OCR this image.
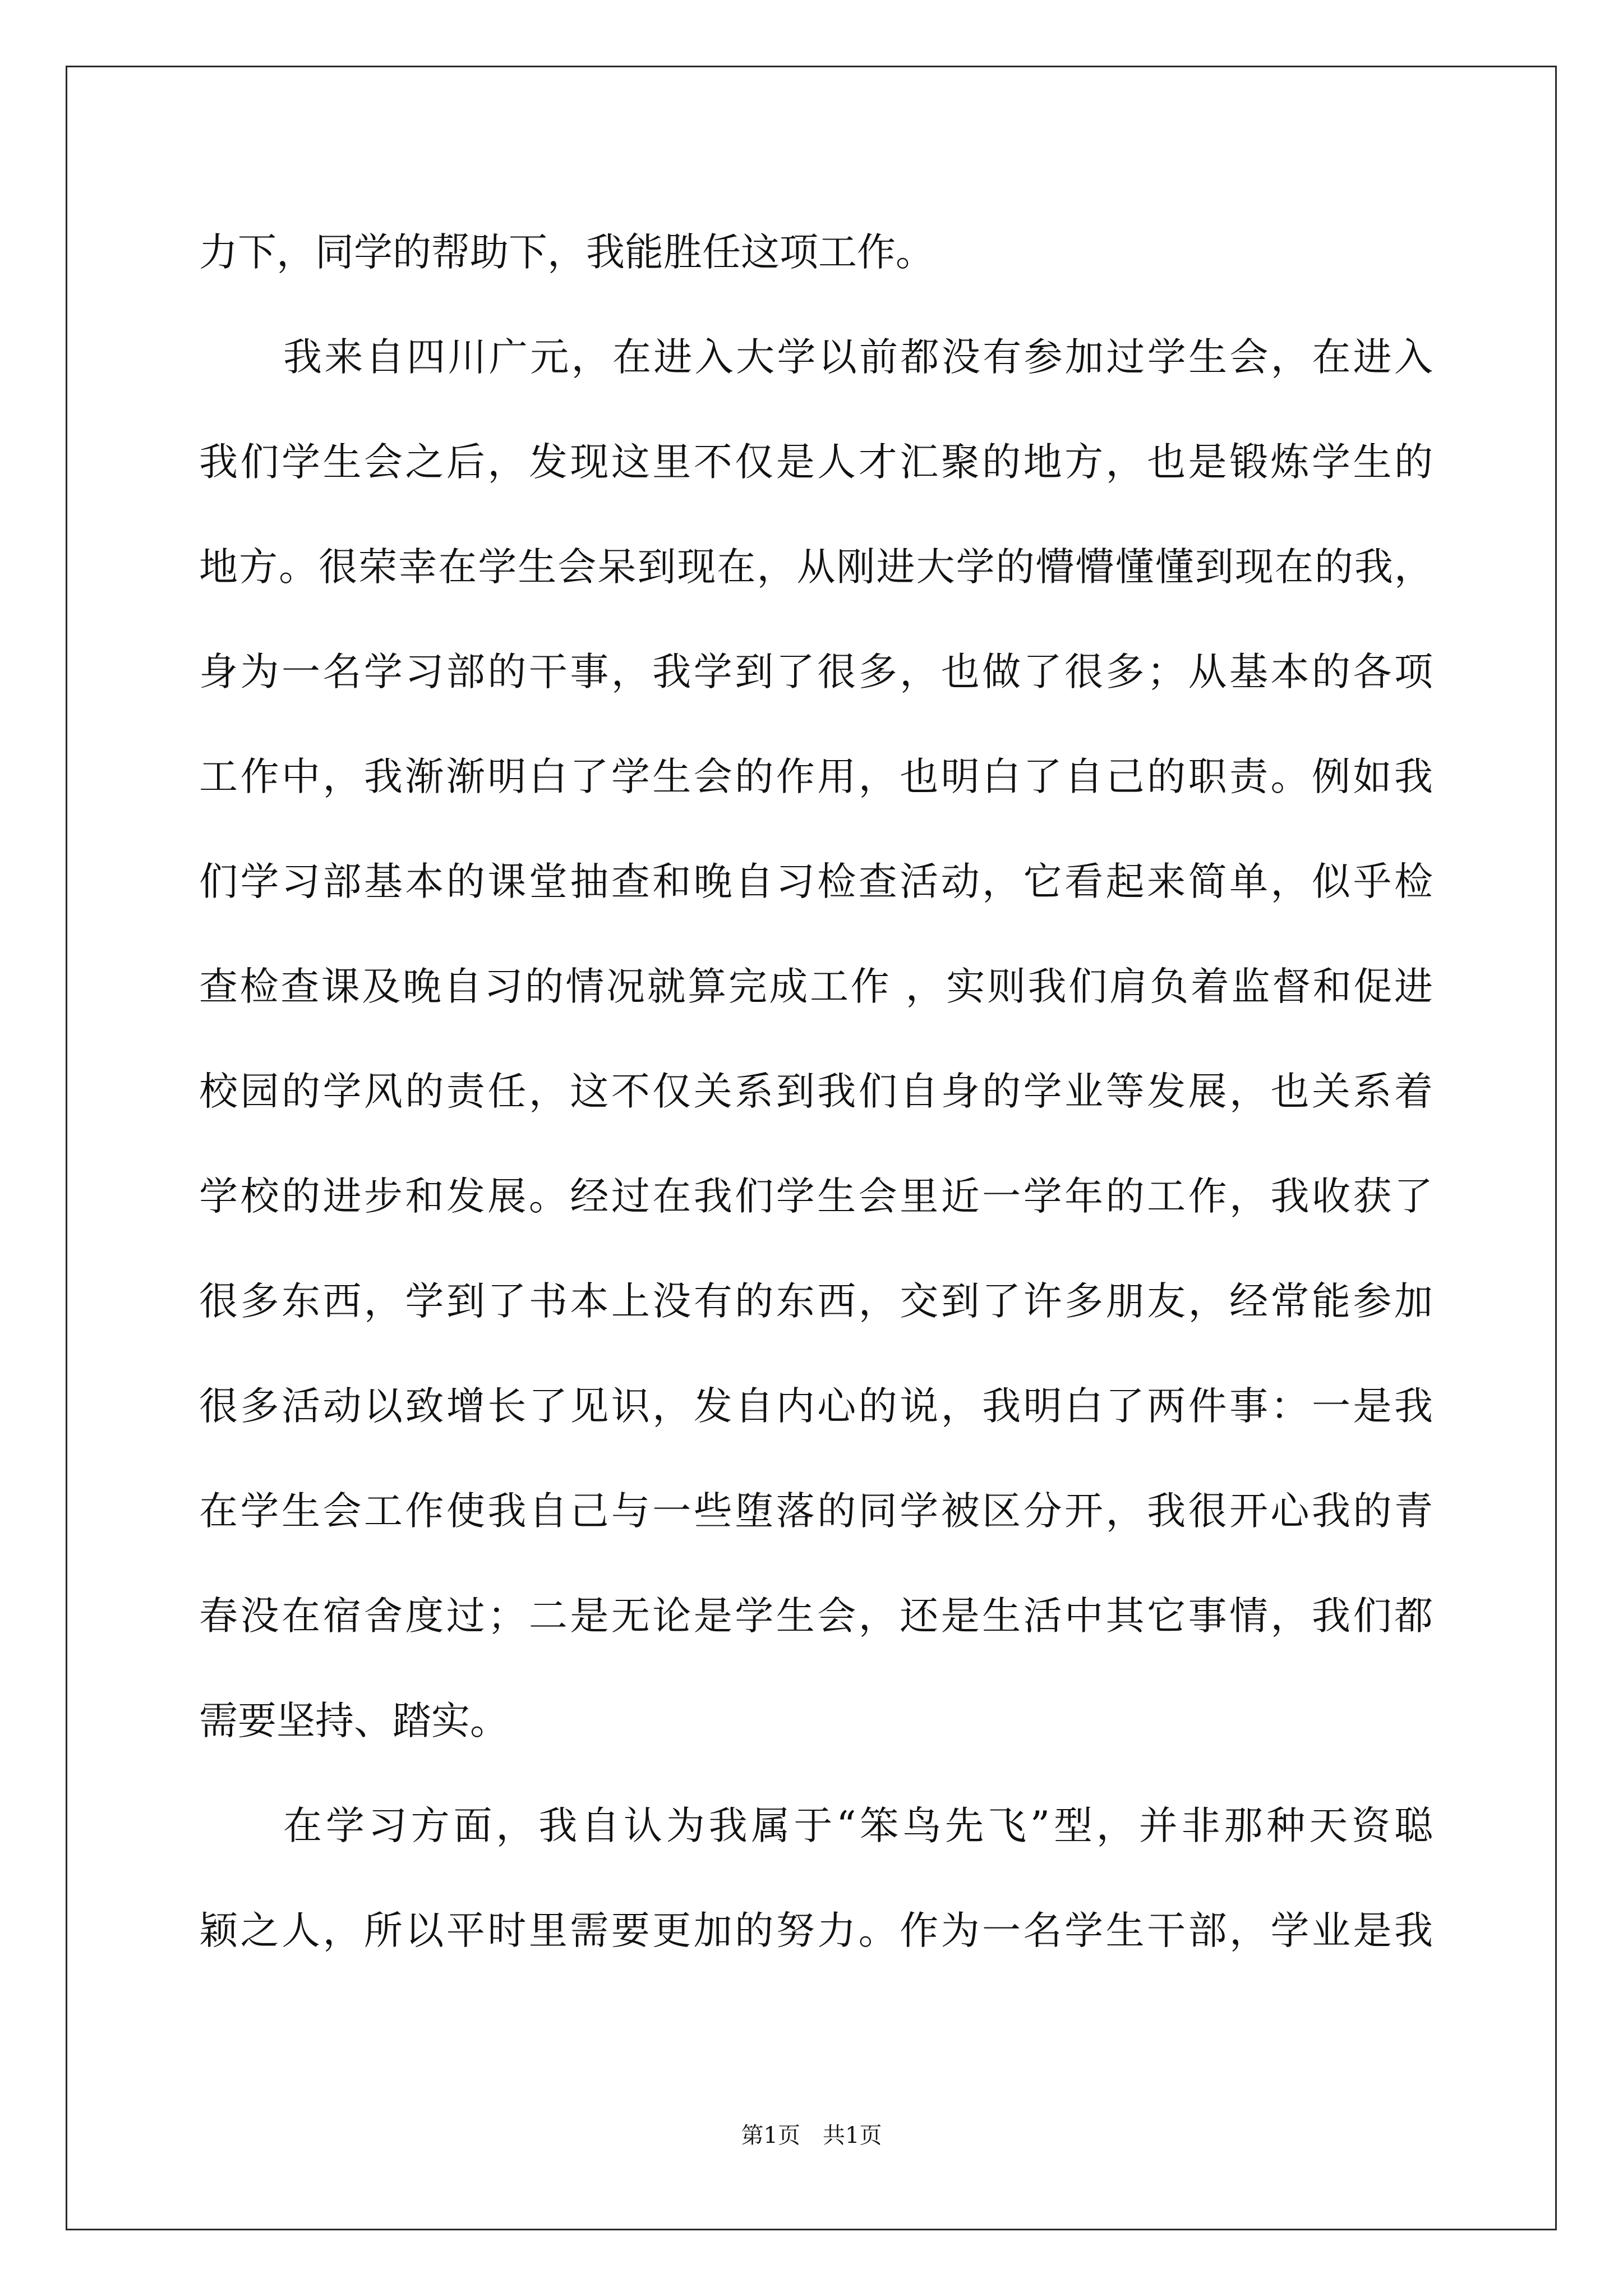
力下，同学的帮助下，我能胜任这项工作。
我来自四川广元，在进入大学以前都没有参加过学生会，在进入
我们学生会之后，发现这里不仅是人才汇聚的地方，也是锻炼学生的
地方。很荣幸在学生会呆到现在，从刚进大学的懵懵懂懂到现在的我，
身为一名学习部的干事，我学到了很多，也做了很多；从基本的各项
工作中，我渐渐明白了学生会的作用，也明白了自己的职责。例如我
们学习部基本的课堂抽查和晚自习检查活动，它看起来简单，似乎检
查检查课及晚自习的情况就算完成工作 ，实则我们肩负着监督和促进
校园的学风的责任，这不仅关系到我们自身的学业等发展，也关系着
学校的进步和发展。经过在我们学生会里近一学年的工作，我收获了
很多东西，学到了书本上没有的东西，交到了许多朋友，经常能参加
很多活动以致增长了见识，发自内心的说，我明白了两件事：一是我
在学生会工作使我自己与一些堕落的同学被区分开，我很开心我的青
春没在宿舍度过；二是无论是学生会，还是生活中其它事情，我们都
需要坚持、踏实。
在学习方面，我自认为我属于“笨鸟先飞”型，并非那种天资聪
颖之人，所以平时里需要更加的努力。作为一名学生干部，学业是我
第1页　共1页
